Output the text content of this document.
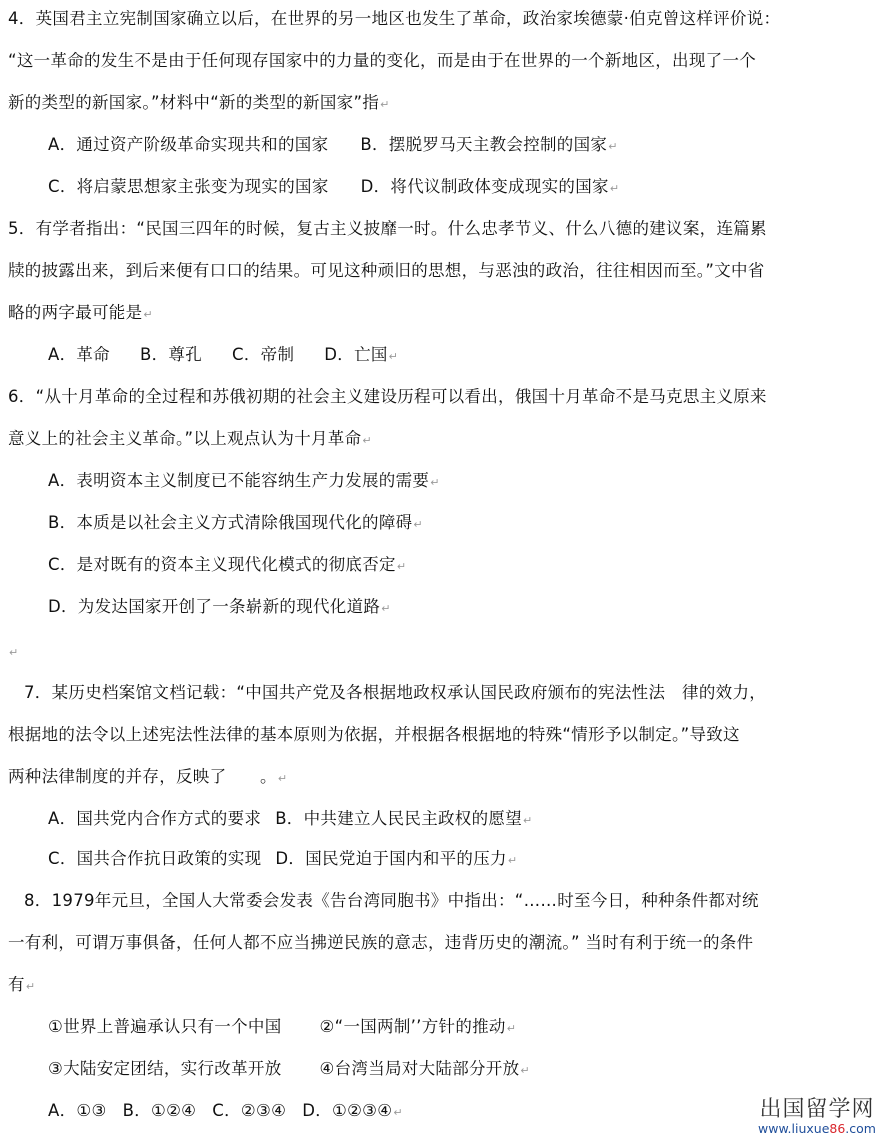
4．英国君主立宪制国家确立以后，在世界的另一地区也发生了革命，政治家埃德蒙·伯克曾这样评价说：
“这一革命的发生不是由于任何现存国家中的力量的变化，而是由于在世界的一个新地区，出现了一个
新的类型的新国家。”材料中“新的类型的新国家”指↵
A．通过资产阶级革命实现共和的国家 B．摆脱罗马天主教会控制的国家↵
C．将启蒙思想家主张变为现实的国家 D．将代议制政体变成现实的国家↵
5．有学者指出：“民国三四年的时候，复古主义披靡一时。什么忠孝节义、什么八德的建议案，连篇累
牍的披露出来，到后来便有口口的结果。可见这种顽旧的思想，与恶浊的政治，往往相因而至。”文中省
略的两字最可能是↵
A．革命 B．尊孔 C．帝制 D．亡国↵
6．“从十月革命的全过程和苏俄初期的社会主义建设历程可以看出，俄国十月革命不是马克思主义原来
意义上的社会主义革命。”以上观点认为十月革命↵
A．表明资本主义制度已不能容纳生产力发展的需要↵
B．本质是以社会主义方式清除俄国现代化的障碍↵
C．是对既有的资本主义现代化模式的彻底否定↵
D．为发达国家开创了一条崭新的现代化道路↵
↵
7．某历史档案馆文档记载：“中国共产党及各根据地政权承认国民政府颁布的宪法性法　律的效力，
根据地的法令以上述宪法性法律的基本原则为依据，并根据各根据地的特殊“情形予以制定。”导致这
两种法律制度的并存，反映了　　。↵
A．国共党内合作方式的要求 B．中共建立人民民主政权的愿望↵
C．国共合作抗日政策的实现 D．国民党迫于国内和平的压力↵
8．1979年元旦，全国人大常委会发表《告台湾同胞书》中指出：“……时至今日，种种条件都对统
一有利，可谓万事俱备，任何人都不应当拂逆民族的意志，违背历史的潮流。” 当时有利于统一的条件
有↵
①世界上普遍承认只有一个中国 ②“一国两制’’方针的推动↵
③大陆安定团结，实行改革开放 ④台湾当局对大陆部分开放↵
A．①③ B．①②④ C．②③④ D．①②③④↵	出国留学网
www.liuxue86.com
